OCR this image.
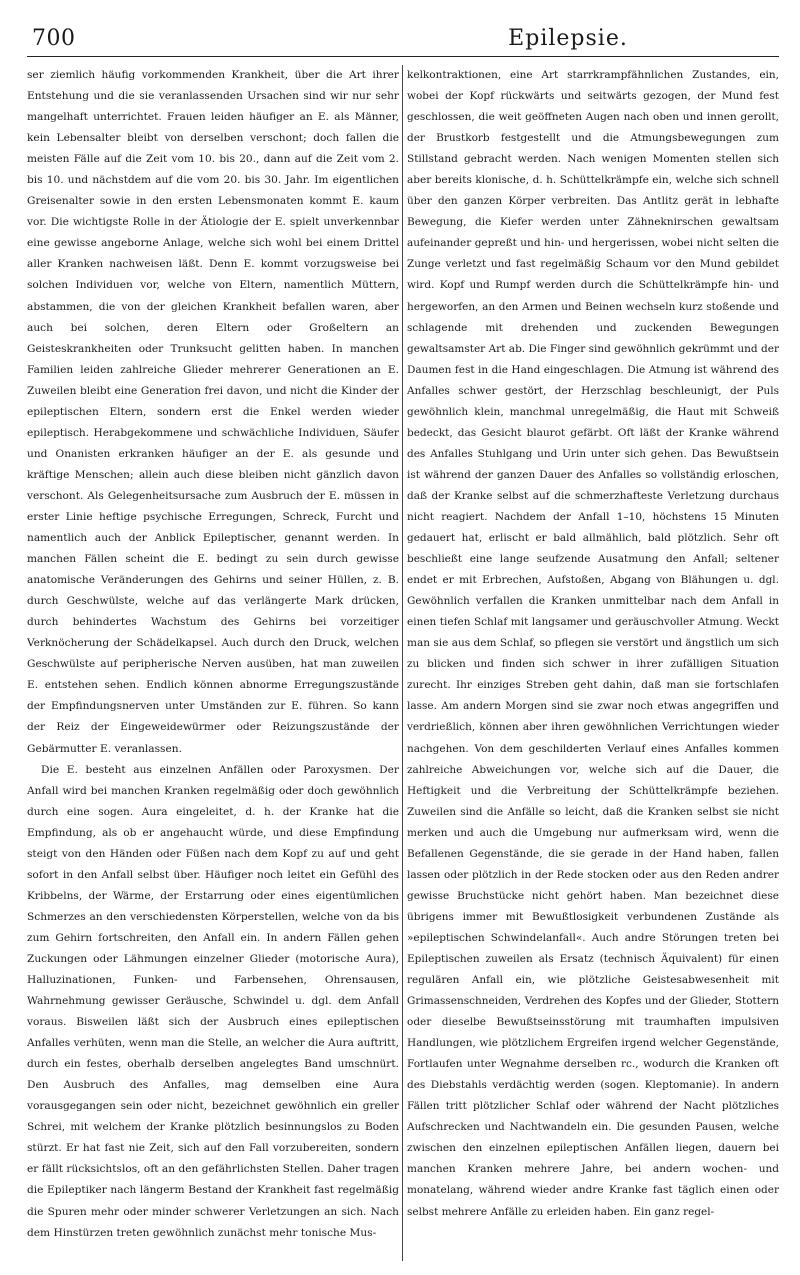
700	Epilepsie.

ser ziemlich häufig vorkommenden Krankheit, über die Art ihrer Entstehung und die sie veranlassenden Ursachen sind wir nur sehr mangelhaft unterrichtet. Frauen leiden häufiger an E. als Männer, kein Lebensalter bleibt von derselben verschont; doch fallen die meisten Fälle auf die Zeit vom 10. bis 20., dann auf die Zeit vom 2. bis 10. und nächstdem auf die vom 20. bis 30. Jahr. Im eigentlichen Greisenalter sowie in den ersten Lebensmonaten kommt E. kaum vor. Die wichtigste Rolle in der Ätiologie der E. spielt unverkennbar eine gewisse angeborne Anlage, welche sich wohl bei einem Drittel aller Kranken nachweisen läßt. Denn E. kommt vorzugsweise bei solchen Individuen vor, welche von Eltern, namentlich Müttern, abstammen, die von der gleichen Krankheit befallen waren, aber auch bei solchen, deren Eltern oder Großeltern an Geisteskrankheiten oder Trunksucht gelitten haben. In manchen Familien leiden zahlreiche Glieder mehrerer Generationen an E. Zuweilen bleibt eine Generation frei davon, und nicht die Kinder der epileptischen Eltern, sondern erst die Enkel werden wieder epileptisch. Herabgekommene und schwächliche Individuen, Säufer und Onanisten erkranken häufiger an der E. als gesunde und kräftige Menschen; allein auch diese bleiben nicht gänzlich davon verschont. Als Gelegenheitsursache zum Ausbruch der E. müssen in erster Linie heftige psychische Erregungen, Schreck, Furcht und namentlich auch der Anblick Epileptischer, genannt werden. In manchen Fällen scheint die E. bedingt zu sein durch gewisse anatomische Veränderungen des Gehirns und seiner Hüllen, z. B. durch Geschwülste, welche auf das verlängerte Mark drücken, durch behindertes Wachstum des Gehirns bei vorzeitiger Verknöcherung der Schädelkapsel. Auch durch den Druck, welchen Geschwülste auf peripherische Nerven ausüben, hat man zuweilen E. entstehen sehen. Endlich können abnorme Erregungszustände der Empfindungsnerven unter Umständen zur E. führen. So kann der Reiz der Eingeweidewürmer oder Reizungszustände der Gebärmutter E. veranlassen.

Die E. besteht aus einzelnen Anfällen oder Paroxysmen. Der Anfall wird bei manchen Kranken regelmäßig oder doch gewöhnlich durch eine sogen. Aura eingeleitet, d. h. der Kranke hat die Empfindung, als ob er angehaucht würde, und diese Empfindung steigt von den Händen oder Füßen nach dem Kopf zu auf und geht sofort in den Anfall selbst über. Häufiger noch leitet ein Gefühl des Kribbelns, der Wärme, der Erstarrung oder eines eigentümlichen Schmerzes an den verschiedensten Körperstellen, welche von da bis zum Gehirn fortschreiten, den Anfall ein. In andern Fällen gehen Zuckungen oder Lähmungen einzelner Glieder (motorische Aura), Halluzinationen, Funken- und Farbensehen, Ohrensausen, Wahrnehmung gewisser Geräusche, Schwindel u. dgl. dem Anfall voraus. Bisweilen läßt sich der Ausbruch eines epileptischen Anfalles verhüten, wenn man die Stelle, an welcher die Aura auftritt, durch ein festes, oberhalb derselben angelegtes Band umschnürt. Den Ausbruch des Anfalles, mag demselben eine Aura vorausgegangen sein oder nicht, bezeichnet gewöhnlich ein greller Schrei, mit welchem der Kranke plötzlich besinnungslos zu Boden stürzt. Er hat fast nie Zeit, sich auf den Fall vorzubereiten, sondern er fällt rücksichtslos, oft an den gefährlichsten Stellen. Daher tragen die Epileptiker nach längerm Bestand der Krankheit fast regelmäßig die Spuren mehr oder minder schwerer Verletzungen an sich. Nach dem Hinstürzen treten gewöhnlich zunächst mehr tonische Mus-

kelkontraktionen, eine Art starrkrampfähnlichen Zustandes, ein, wobei der Kopf rückwärts und seitwärts gezogen, der Mund fest geschlossen, die weit geöffneten Augen nach oben und innen gerollt, der Brustkorb festgestellt und die Atmungsbewegungen zum Stillstand gebracht werden. Nach wenigen Momenten stellen sich aber bereits klonische, d. h. Schüttelkrämpfe ein, welche sich schnell über den ganzen Körper verbreiten. Das Antlitz gerät in lebhafte Bewegung, die Kiefer werden unter Zähneknirschen gewaltsam aufeinander gepreßt und hin- und hergerissen, wobei nicht selten die Zunge verletzt und fast regelmäßig Schaum vor den Mund gebildet wird. Kopf und Rumpf werden durch die Schüttelkrämpfe hin- und hergeworfen, an den Armen und Beinen wechseln kurz stoßende und schlagende mit drehenden und zuckenden Bewegungen gewaltsamster Art ab. Die Finger sind gewöhnlich gekrümmt und der Daumen fest in die Hand eingeschlagen. Die Atmung ist während des Anfalles schwer gestört, der Herzschlag beschleunigt, der Puls gewöhnlich klein, manchmal unregelmäßig, die Haut mit Schweiß bedeckt, das Gesicht blaurot gefärbt. Oft läßt der Kranke während des Anfalles Stuhlgang und Urin unter sich gehen. Das Bewußtsein ist während der ganzen Dauer des Anfalles so vollständig erloschen, daß der Kranke selbst auf die schmerzhafteste Verletzung durchaus nicht reagiert. Nachdem der Anfall 1–10, höchstens 15 Minuten gedauert hat, erlischt er bald allmählich, bald plötzlich. Sehr oft beschließt eine lange seufzende Ausatmung den Anfall; seltener endet er mit Erbrechen, Aufstoßen, Abgang von Blähungen u. dgl. Gewöhnlich verfallen die Kranken unmittelbar nach dem Anfall in einen tiefen Schlaf mit langsamer und geräuschvoller Atmung. Weckt man sie aus dem Schlaf, so pflegen sie verstört und ängstlich um sich zu blicken und finden sich schwer in ihrer zufälligen Situation zurecht. Ihr einziges Streben geht dahin, daß man sie fortschlafen lasse. Am andern Morgen sind sie zwar noch etwas angegriffen und verdrießlich, können aber ihren gewöhnlichen Verrichtungen wieder nachgehen. Von dem geschilderten Verlauf eines Anfalles kommen zahlreiche Abweichungen vor, welche sich auf die Dauer, die Heftigkeit und die Verbreitung der Schüttelkrämpfe beziehen. Zuweilen sind die Anfälle so leicht, daß die Kranken selbst sie nicht merken und auch die Umgebung nur aufmerksam wird, wenn die Befallenen Gegenstände, die sie gerade in der Hand haben, fallen lassen oder plötzlich in der Rede stocken oder aus den Reden andrer gewisse Bruchstücke nicht gehört haben. Man bezeichnet diese übrigens immer mit Bewußtlosigkeit verbundenen Zustände als »epileptischen Schwindelanfall«. Auch andre Störungen treten bei Epileptischen zuweilen als Ersatz (technisch Äquivalent) für einen regulären Anfall ein, wie plötzliche Geistesabwesenheit mit Grimassenschneiden, Verdrehen des Kopfes und der Glieder, Stottern oder dieselbe Bewußtseinsstörung mit traumhaften impulsiven Handlungen, wie plötzlichem Ergreifen irgend welcher Gegenstände, Fortlaufen unter Wegnahme derselben rc., wodurch die Kranken oft des Diebstahls verdächtig werden (sogen. Kleptomanie). In andern Fällen tritt plötzlicher Schlaf oder während der Nacht plötzliches Aufschrecken und Nachtwandeln ein. Die gesunden Pausen, welche zwischen den einzelnen epileptischen Anfällen liegen, dauern bei manchen Kranken mehrere Jahre, bei andern wochen- und monatelang, während wieder andre Kranke fast täglich einen oder selbst mehrere Anfälle zu erleiden haben. Ein ganz regel-
